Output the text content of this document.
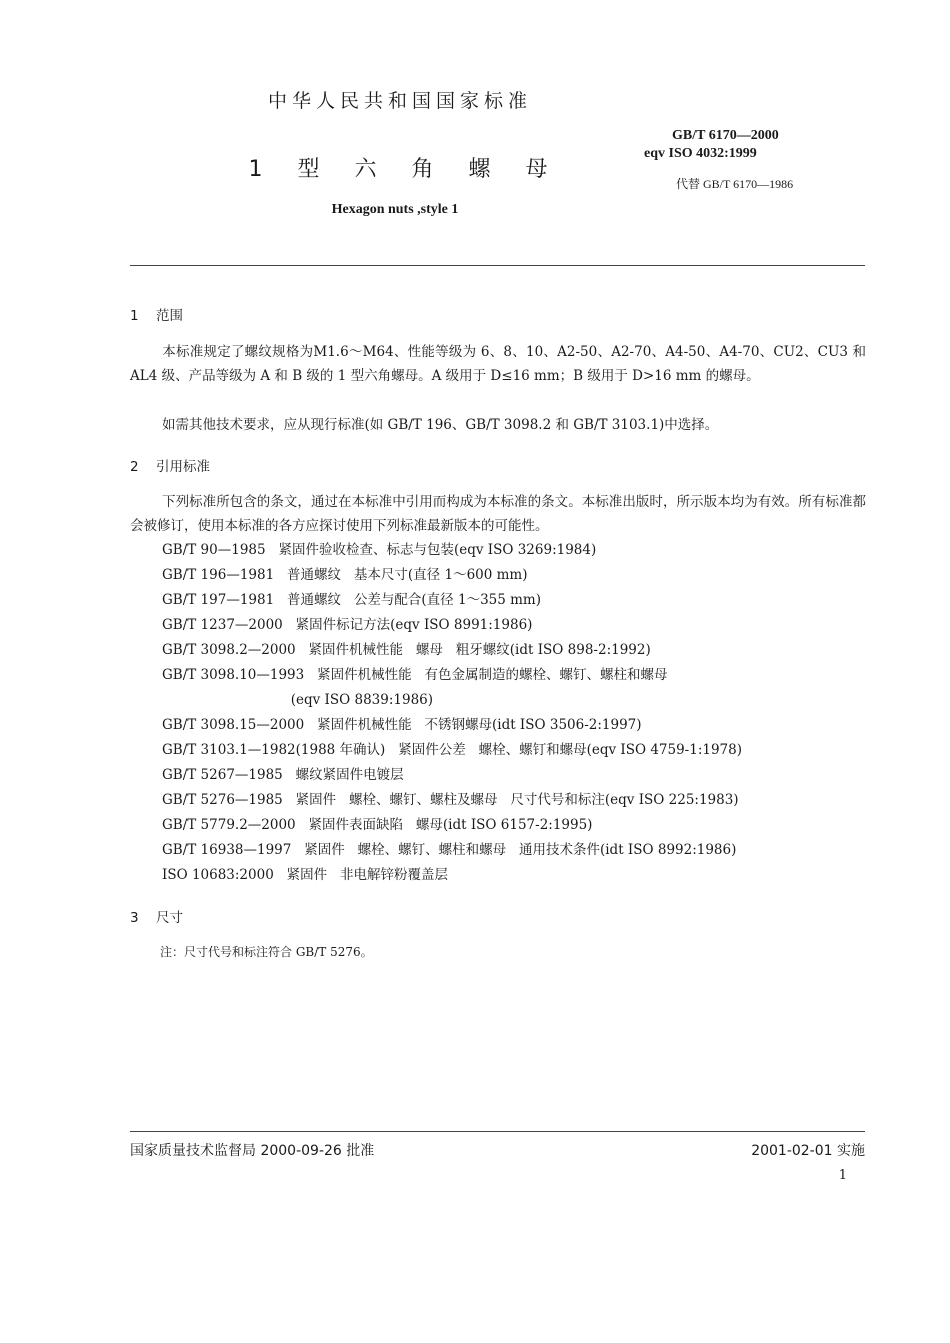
中华人民共和国国家标准
GB/T 6170—2000
eqv ISO 4032:1999
代替 GB/T 6170—1986
1 型 六 角 螺 母
Hexagon nuts ,style 1
1 范围
本标准规定了螺纹规格为M1.6～M64、性能等级为 6、8、10、A2-50、A2-70、A4-50、A4-70、CU2、CU3 和 AL4 级、产品等级为 A 和 B 级的 1 型六角螺母。A 级用于 D≤16 mm；B 级用于 D>16 mm 的螺母。
如需其他技术要求，应从现行标准(如 GB/T 196、GB/T 3098.2 和 GB/T 3103.1)中选择。
2 引用标准
下列标准所包含的条文，通过在本标准中引用而构成为本标准的条文。本标准出版时，所示版本均为有效。所有标准都会被修订，使用本标准的各方应探讨使用下列标准最新版本的可能性。
GB/T 90—1985   紧固件验收检查、标志与包装(eqv ISO 3269:1984)
GB/T 196—1981   普通螺纹   基本尺寸(直径 1～600 mm)
GB/T 197—1981   普通螺纹   公差与配合(直径 1～355 mm)
GB/T 1237—2000   紧固件标记方法(eqv ISO 8991:1986)
GB/T 3098.2—2000   紧固件机械性能   螺母   粗牙螺纹(idt ISO 898-2:1992)
GB/T 3098.10—1993   紧固件机械性能   有色金属制造的螺栓、螺钉、螺柱和螺母
(eqv ISO 8839:1986)
GB/T 3098.15—2000   紧固件机械性能   不锈钢螺母(idt ISO 3506-2:1997)
GB/T 3103.1—1982(1988 年确认)   紧固件公差   螺栓、螺钉和螺母(eqv ISO 4759-1:1978)
GB/T 5267—1985   螺纹紧固件电镀层
GB/T 5276—1985   紧固件   螺栓、螺钉、螺柱及螺母   尺寸代号和标注(eqv ISO 225:1983)
GB/T 5779.2—2000   紧固件表面缺陷   螺母(idt ISO 6157-2:1995)
GB/T 16938—1997   紧固件   螺栓、螺钉、螺柱和螺母   通用技术条件(idt ISO 8992:1986)
ISO 10683:2000   紧固件   非电解锌粉覆盖层
3 尺寸
注：尺寸代号和标注符合 GB/T 5276。
国家质量技术监督局 2000-09-26 批准	2001-02-01 实施
1
